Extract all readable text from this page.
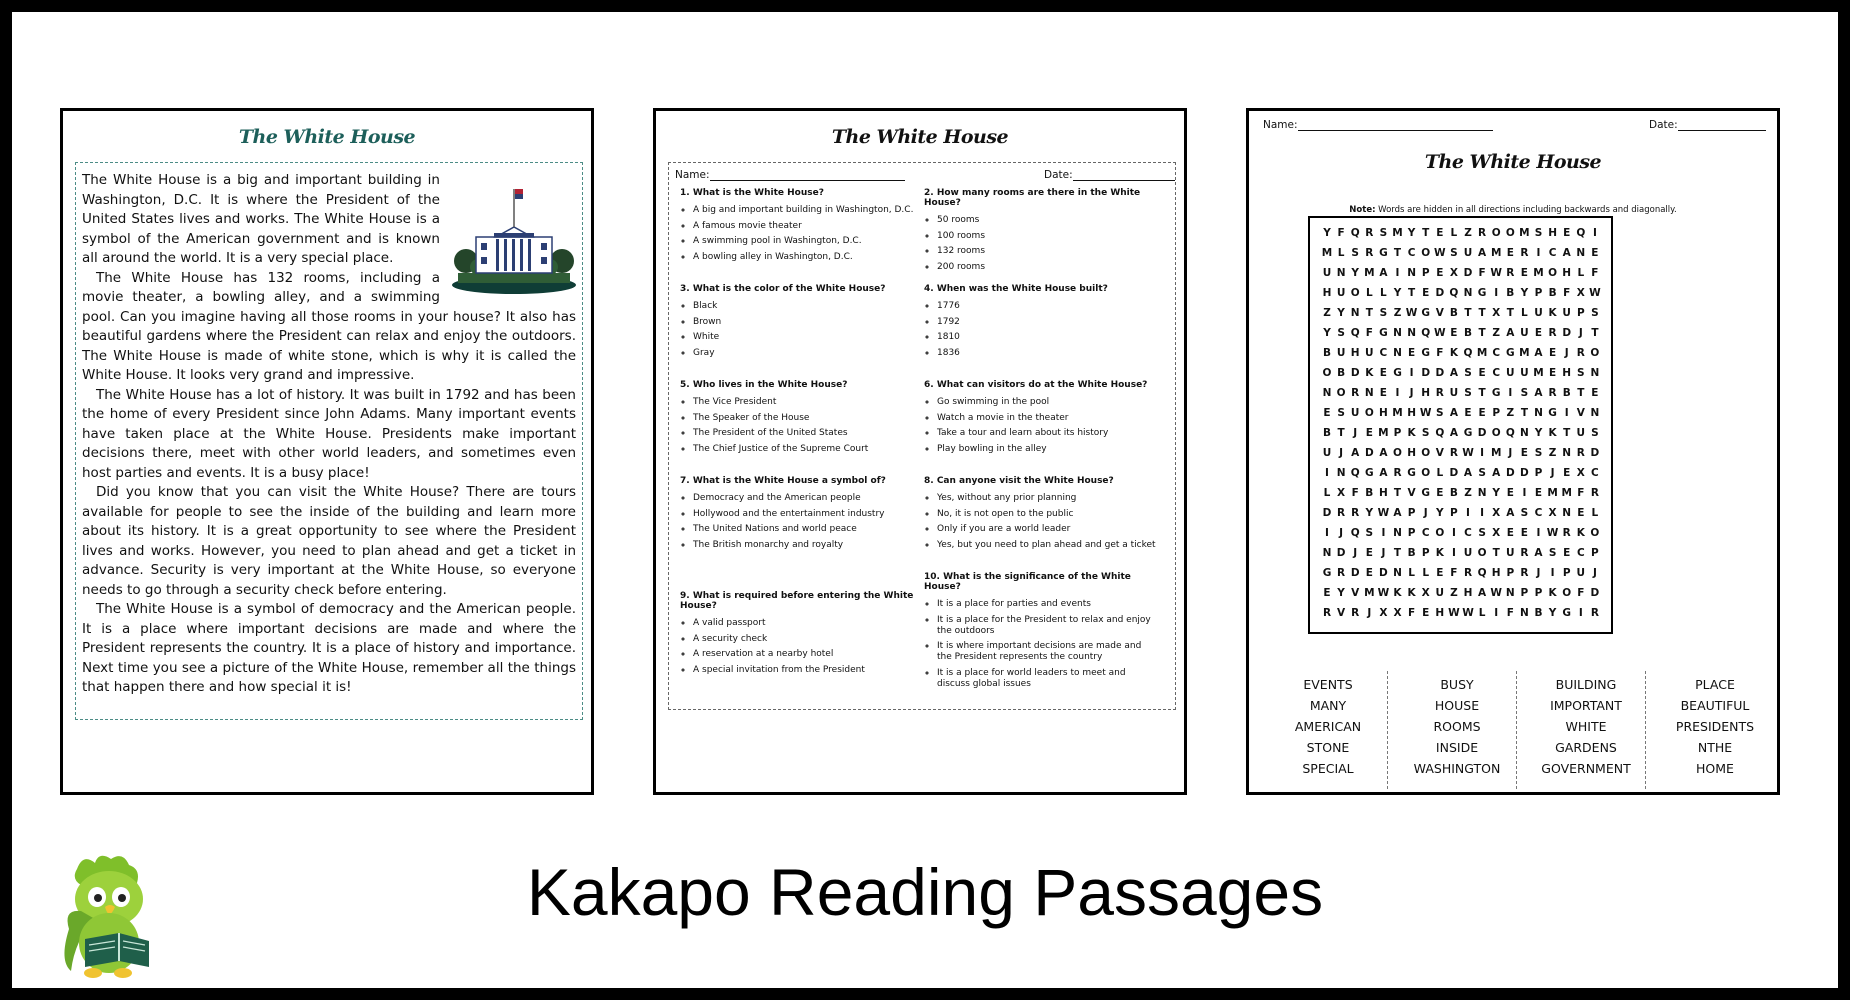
The White House

The White House is a big and important building in Washington, D.C. It is where the President of the United States lives and works. The White House is a symbol of the American government and is known all around the world. It is a very special place.

The White House has 132 rooms, including a movie theater, a bowling alley, and a swimming pool. Can you imagine having all those rooms in your house? It also has beautiful gardens where the President can relax and enjoy the outdoors. The White House is made of white stone, which is why it is called the White House. It looks very grand and impressive.

The White House has a lot of history. It was built in 1792 and has been the home of every President since John Adams. Many important events have taken place at the White House. Presidents make important decisions there, meet with other world leaders, and sometimes even host parties and events. It is a busy place!

Did you know that you can visit the White House? There are tours available for people to see the inside of the building and learn more about its history. It is a great opportunity to see where the President lives and works. However, you need to plan ahead and get a ticket in advance. Security is very important at the White House, so everyone needs to go through a security check before entering.

The White House is a symbol of democracy and the American people. It is a place where important decisions are made and where the President represents the country. It is a place of history and importance. Next time you see a picture of the White House, remember all the things that happen there and how special it is!

The White House
Name:	Date:
1. What is the White House?
◦ A big and important building in Washington, D.C.
◦ A famous movie theater
◦ A swimming pool in Washington, D.C.
◦ A bowling alley in Washington, D.C.
2. How many rooms are there in the White House?
◦ 50 rooms
◦ 100 rooms
◦ 132 rooms
◦ 200 rooms
3. What is the color of the White House?
◦ Black
◦ Brown
◦ White
◦ Gray
4. When was the White House built?
◦ 1776
◦ 1792
◦ 1810
◦ 1836
5. Who lives in the White House?
◦ The Vice President
◦ The Speaker of the House
◦ The President of the United States
◦ The Chief Justice of the Supreme Court
6. What can visitors do at the White House?
◦ Go swimming in the pool
◦ Watch a movie in the theater
◦ Take a tour and learn about its history
◦ Play bowling in the alley
7. What is the White House a symbol of?
◦ Democracy and the American people
◦ Hollywood and the entertainment industry
◦ The United Nations and world peace
◦ The British monarchy and royalty
8. Can anyone visit the White House?
◦ Yes, without any prior planning
◦ No, it is not open to the public
◦ Only if you are a world leader
◦ Yes, but you need to plan ahead and get a ticket
9. What is required before entering the White House?
◦ A valid passport
◦ A security check
◦ A reservation at a nearby hotel
◦ A special invitation from the President
10. What is the significance of the White House?
◦ It is a place for parties and events
◦ It is a place for the President to relax and enjoy the outdoors
◦ It is where important decisions are made and the President represents the country
◦ It is a place for world leaders to meet and discuss global issues
Name:	Date:
The White House
Note: Words are hidden in all directions including backwards and diagonally.
Y F Q R S M Y T E L Z R O O M S H E Q I
M L S R G T C O W S U A M E R I C A N E
U N Y M A I N P E X D F W R E M O H L F
H U O L L Y T E D Q N G I B Y P B F X W
Z Y N T S Z W G V B T T X T L U K U P S
Y S Q F G N N Q W E B T Z A U E R D J T
B U H U C N E G F K Q M C G M A E J R O
O B D K E G I D D A S E C U U M E H S N
N O R N E I J H R U S T G I S A R B T E
E S U O H M H W S A E E P Z T N G I V N
B T J E M P K S Q A G D O Q N Y K T U S
U J A D A O H O V R W I M J E S Z N R D
I N Q G A R G O L D A S A D D P J E X C
L X F B H T V G E B Z N Y E I E M M F R
D R R Y W A P J Y P I I X A S C X N E L
I J Q S I N P C O I C S X E E I W R K O
N D J E J T B P K I U O T U R A S E C P
G R D E D N L L E F R Q H P R J I P U J
E Y V M W K K X U Z H A W N P P K O F D
R V R J X X F E H W W L I F N B Y G I R
EVENTS
MANY
AMERICAN
STONE
SPECIAL
BUSY
HOUSE
ROOMS
INSIDE
WASHINGTON
BUILDING
IMPORTANT
WHITE
GARDENS
GOVERNMENT
PLACE
BEAUTIFUL
PRESIDENTS
NTHE
HOME
Kakapo Reading Passages
